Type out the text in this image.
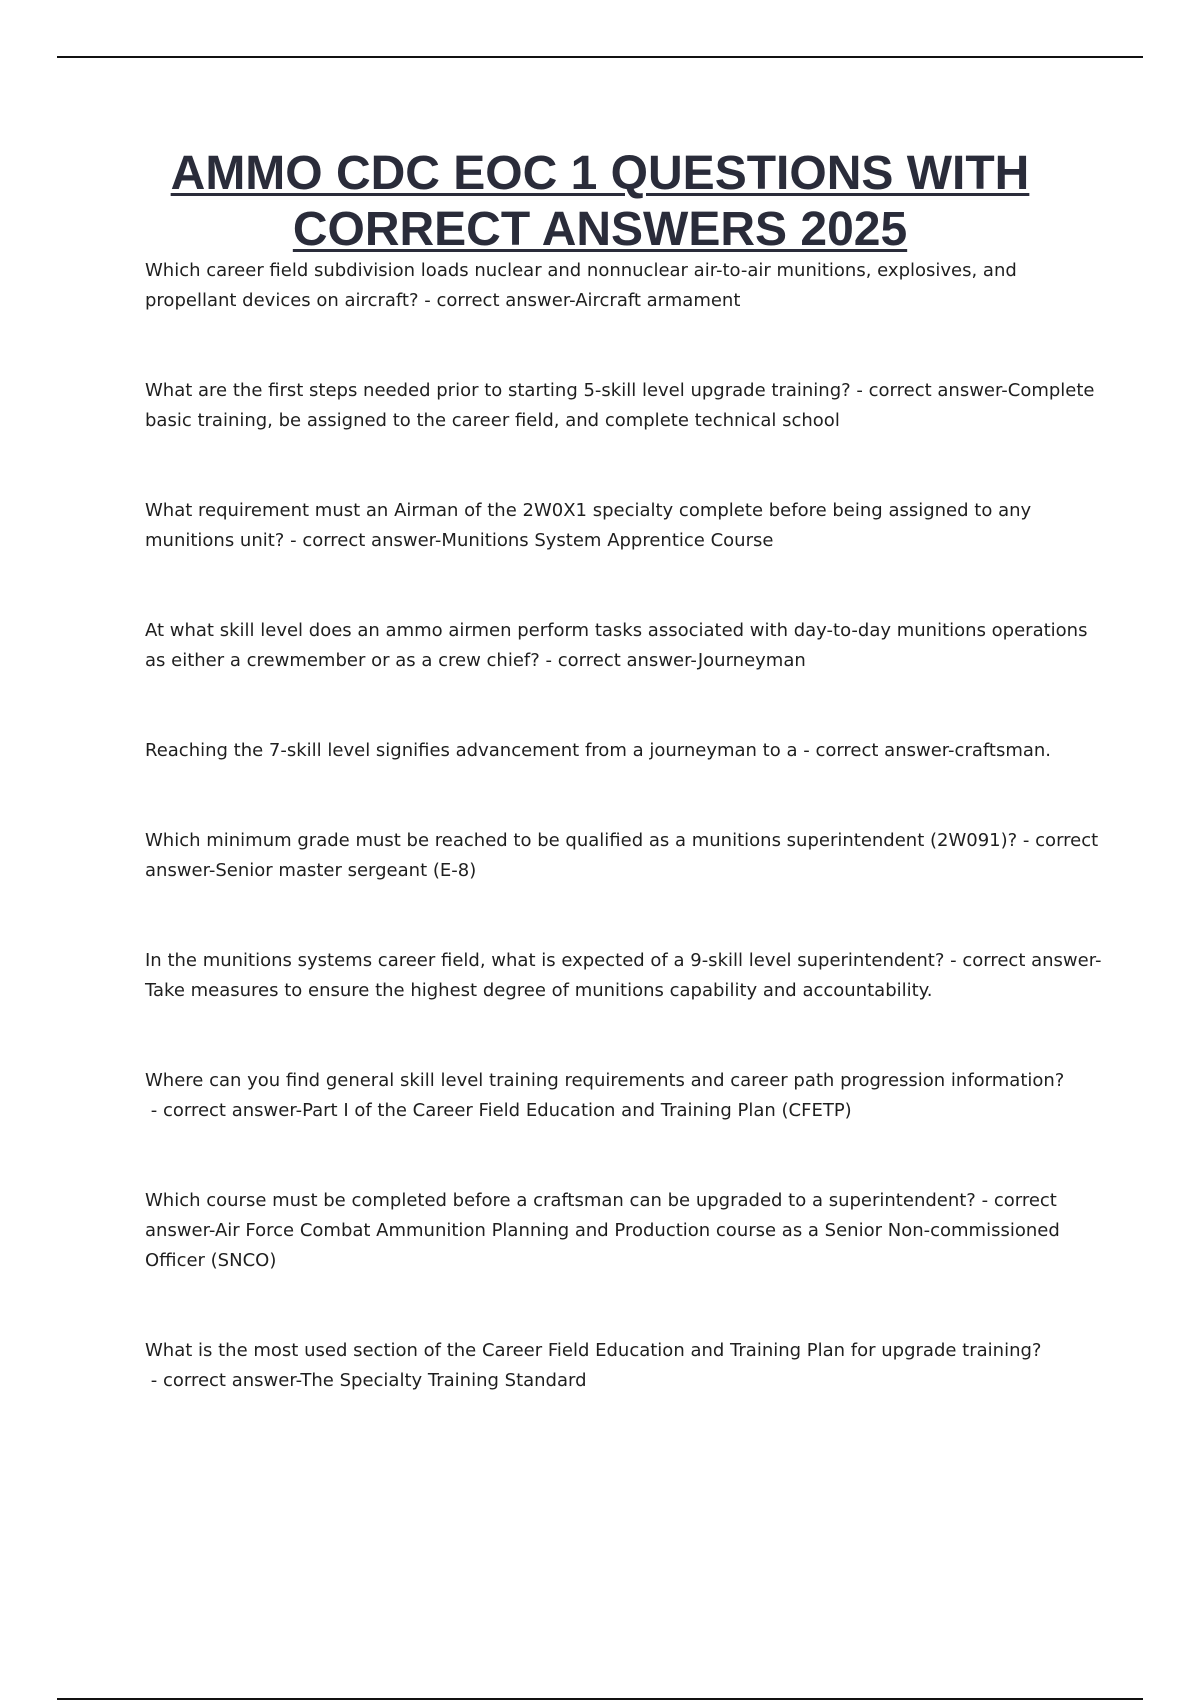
AMMO CDC EOC 1 QUESTIONS WITH CORRECT ANSWERS 2025

Which career field subdivision loads nuclear and nonnuclear air-to-air munitions, explosives, and propellant devices on aircraft? - correct answer-Aircraft armament

What are the first steps needed prior to starting 5-skill level upgrade training? - correct answer-Complete basic training, be assigned to the career field, and complete technical school

What requirement must an Airman of the 2W0X1 specialty complete before being assigned to any munitions unit? - correct answer-Munitions System Apprentice Course

At what skill level does an ammo airmen perform tasks associated with day-to-day munitions operations as either a crewmember or as a crew chief? - correct answer-Journeyman

Reaching the 7-skill level signifies advancement from a journeyman to a - correct answer-craftsman.

Which minimum grade must be reached to be qualified as a munitions superintendent (2W091)? - correct answer-Senior master sergeant (E-8)

In the munitions systems career field, what is expected of a 9-skill level superintendent? - correct answer-Take measures to ensure the highest degree of munitions capability and accountability.

Where can you find general skill level training requirements and career path progression information? - correct answer-Part I of the Career Field Education and Training Plan (CFETP)

Which course must be completed before a craftsman can be upgraded to a superintendent? - correct answer-Air Force Combat Ammunition Planning and Production course as a Senior Non-commissioned Officer (SNCO)

What is the most used section of the Career Field Education and Training Plan for upgrade training? - correct answer-The Specialty Training Standard
